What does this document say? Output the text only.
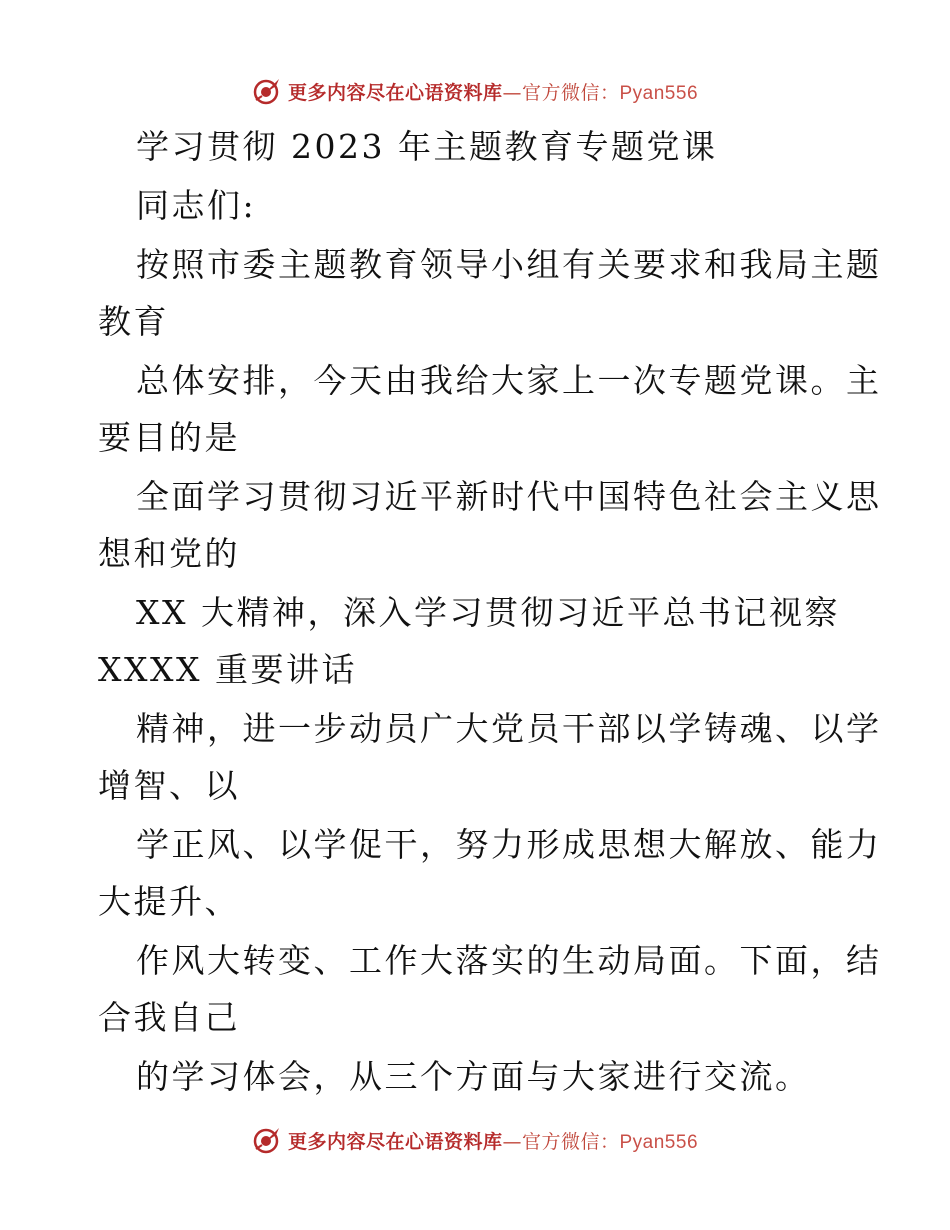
更多内容尽在心语资料库—官方微信：Pyan556
学习贯彻 2023 年主题教育专题党课
同志们:
按照市委主题教育领导小组有关要求和我局主题
教育
总体安排，今天由我给大家上一次专题党课。主
要目的是
全面学习贯彻习近平新时代中国特色社会主义思
想和党的
XX 大精神，深入学习贯彻习近平总书记视察
XXXX 重要讲话
精神，进一步动员广大党员干部以学铸魂、以学
增智、以
学正风、以学促干，努力形成思想大解放、能力
大提升、
作风大转变、工作大落实的生动局面。下面，结
合我自己
的学习体会，从三个方面与大家进行交流。
更多内容尽在心语资料库—官方微信：Pyan556
